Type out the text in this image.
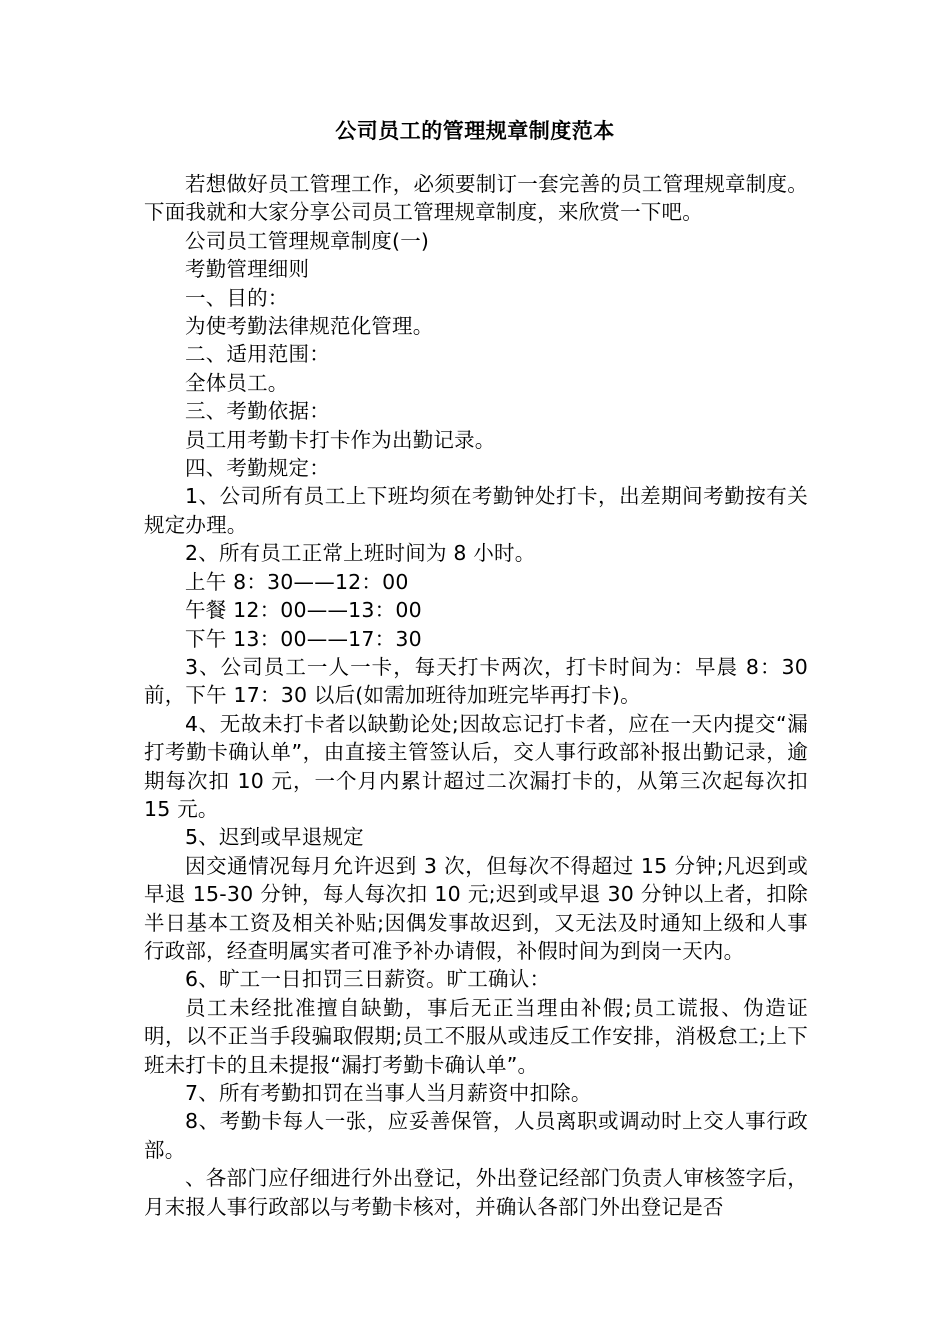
公司员工的管理规章制度范本

若想做好员工管理工作，必须要制订一套完善的员工管理规章制度。下面我就和大家分享公司员工管理规章制度，来欣赏一下吧。

公司员工管理规章制度(一)

考勤管理细则

一、目的：

为使考勤法律规范化管理。

二、适用范围：

全体员工。

三、考勤依据：

员工用考勤卡打卡作为出勤记录。

四、考勤规定：

1、公司所有员工上下班均须在考勤钟处打卡，出差期间考勤按有关规定办理。

2、所有员工正常上班时间为 8 小时。

上午 8：30——12：00

午餐 12：00——13：00

下午 13：00——17：30

3、公司员工一人一卡，每天打卡两次，打卡时间为：早晨 8：30前，下午 17：30 以后(如需加班待加班完毕再打卡)。

4、无故未打卡者以缺勤论处;因故忘记打卡者，应在一天内提交“漏打考勤卡确认单”，由直接主管签认后，交人事行政部补报出勤记录，逾期每次扣 10 元，一个月内累计超过二次漏打卡的，从第三次起每次扣 15 元。

5、迟到或早退规定

因交通情况每月允许迟到 3 次，但每次不得超过 15 分钟;凡迟到或早退 15-30 分钟，每人每次扣 10 元;迟到或早退 30 分钟以上者，扣除半日基本工资及相关补贴;因偶发事故迟到，又无法及时通知上级和人事行政部，经查明属实者可准予补办请假，补假时间为到岗一天内。

6、旷工一日扣罚三日薪资。旷工确认：

员工未经批准擅自缺勤，事后无正当理由补假;员工谎报、伪造证明，以不正当手段骗取假期;员工不服从或违反工作安排，消极怠工;上下班未打卡的且未提报“漏打考勤卡确认单”。

7、所有考勤扣罚在当事人当月薪资中扣除。

8、考勤卡每人一张，应妥善保管，人员离职或调动时上交人事行政部。

、各部门应仔细进行外出登记，外出登记经部门负责人审核签字后，月末报人事行政部以与考勤卡核对，并确认各部门外出登记是否
